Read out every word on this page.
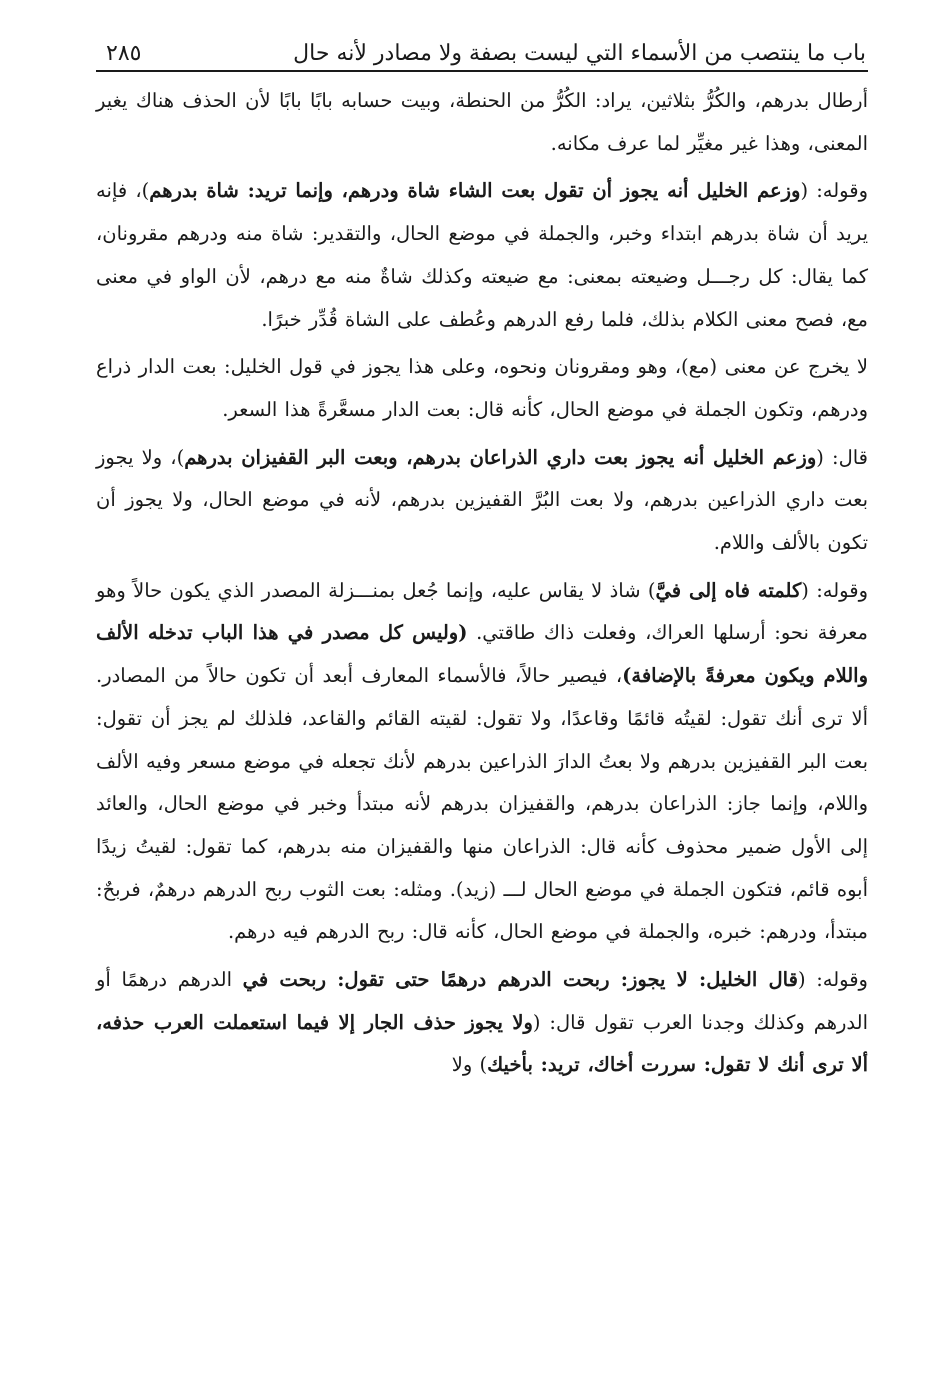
باب ما ينتصب من الأسماء التي ليست بصفة ولا مصادر لأنه حال
٢٨٥

أرطال بدرهم، والكُرُّ بثلاثين، يراد: الكُرُّ من الحنطة، وبيت حسابه بابًا بابًا لأن الحذف هناك يغير المعنى، وهذا غير مغيِّر لما عرف مكانه.

وقوله: (وزعم الخليل أنه يجوز أن تقول بعت الشاء شاة ودرهم، وإنما تريد: شاة بدرهم)، فإنه يريد أن شاة بدرهم ابتداء وخبر، والجملة في موضع الحال، والتقدير: شاة منه ودرهم مقرونان، كما يقال: كل رجـــل وضيعته بمعنى: مع ضيعته وكذلك شاةٌ منه مع درهم، لأن الواو في معنى مع، فصح معنى الكلام بذلك، فلما رفع الدرهم وعُطف على الشاة قُدِّر خبرًا.

لا يخرج عن معنى (مع)، وهو ومقرونان ونحوه، وعلى هذا يجوز في قول الخليل: بعت الدار ذراع ودرهم، وتكون الجملة في موضع الحال، كأنه قال: بعت الدار مسعَّرةً هذا السعر.

قال: (وزعم الخليل أنه يجوز بعت داري الذراعان بدرهم، وبعت البر القفيزان بدرهم)، ولا يجوز بعت داري الذراعين بدرهم، ولا بعت البُرَّ القفيزين بدرهم، لأنه في موضع الحال، ولا يجوز أن تكون بالألف واللام.

وقوله: (كلمته فاه إلى فيَّ) شاذ لا يقاس عليه، وإنما جُعل بمنـــزلة المصدر الذي يكون حالاً وهو معرفة نحو: أرسلها العراك، وفعلت ذاك طاقتي. (وليس كل مصدر في هذا الباب تدخله الألف واللام ويكون معرفةً بالإضافة)، فيصير حالاً، فالأسماء المعارف أبعد أن تكون حالاً من المصادر. ألا ترى أنك تقول: لقيتُه قائمًا وقاعدًا، ولا تقول: لقيته القائم والقاعد، فلذلك لم يجز أن تقول: بعت البر القفيزين بدرهم ولا بعتُ الدارَ الذراعين بدرهم لأنك تجعله في موضع مسعر وفيه الألف واللام، وإنما جاز: الذراعان بدرهم، والقفيزان بدرهم لأنه مبتدأ وخبر في موضع الحال، والعائد إلى الأول ضمير محذوف كأنه قال: الذراعان منها والقفيزان منه بدرهم، كما تقول: لقيتُ زيدًا أبوه قائم، فتكون الجملة في موضع الحال لـــ (زيد). ومثله: بعت الثوب ربح الدرهم درهمٌ، فربحٌ: مبتدأ، ودرهم: خبره، والجملة في موضع الحال، كأنه قال: ربح الدرهم فيه درهم.

وقوله: (قال الخليل: لا يجوز: ربحت الدرهم درهمًا حتى تقول: ربحت في الدرهم درهمًا أو الدرهم وكذلك وجدنا العرب تقول قال: (ولا يجوز حذف الجار إلا فيما استعملت العرب حذفه، ألا ترى أنك لا تقول: سررت أخاك، تريد: بأخيك) ولا
